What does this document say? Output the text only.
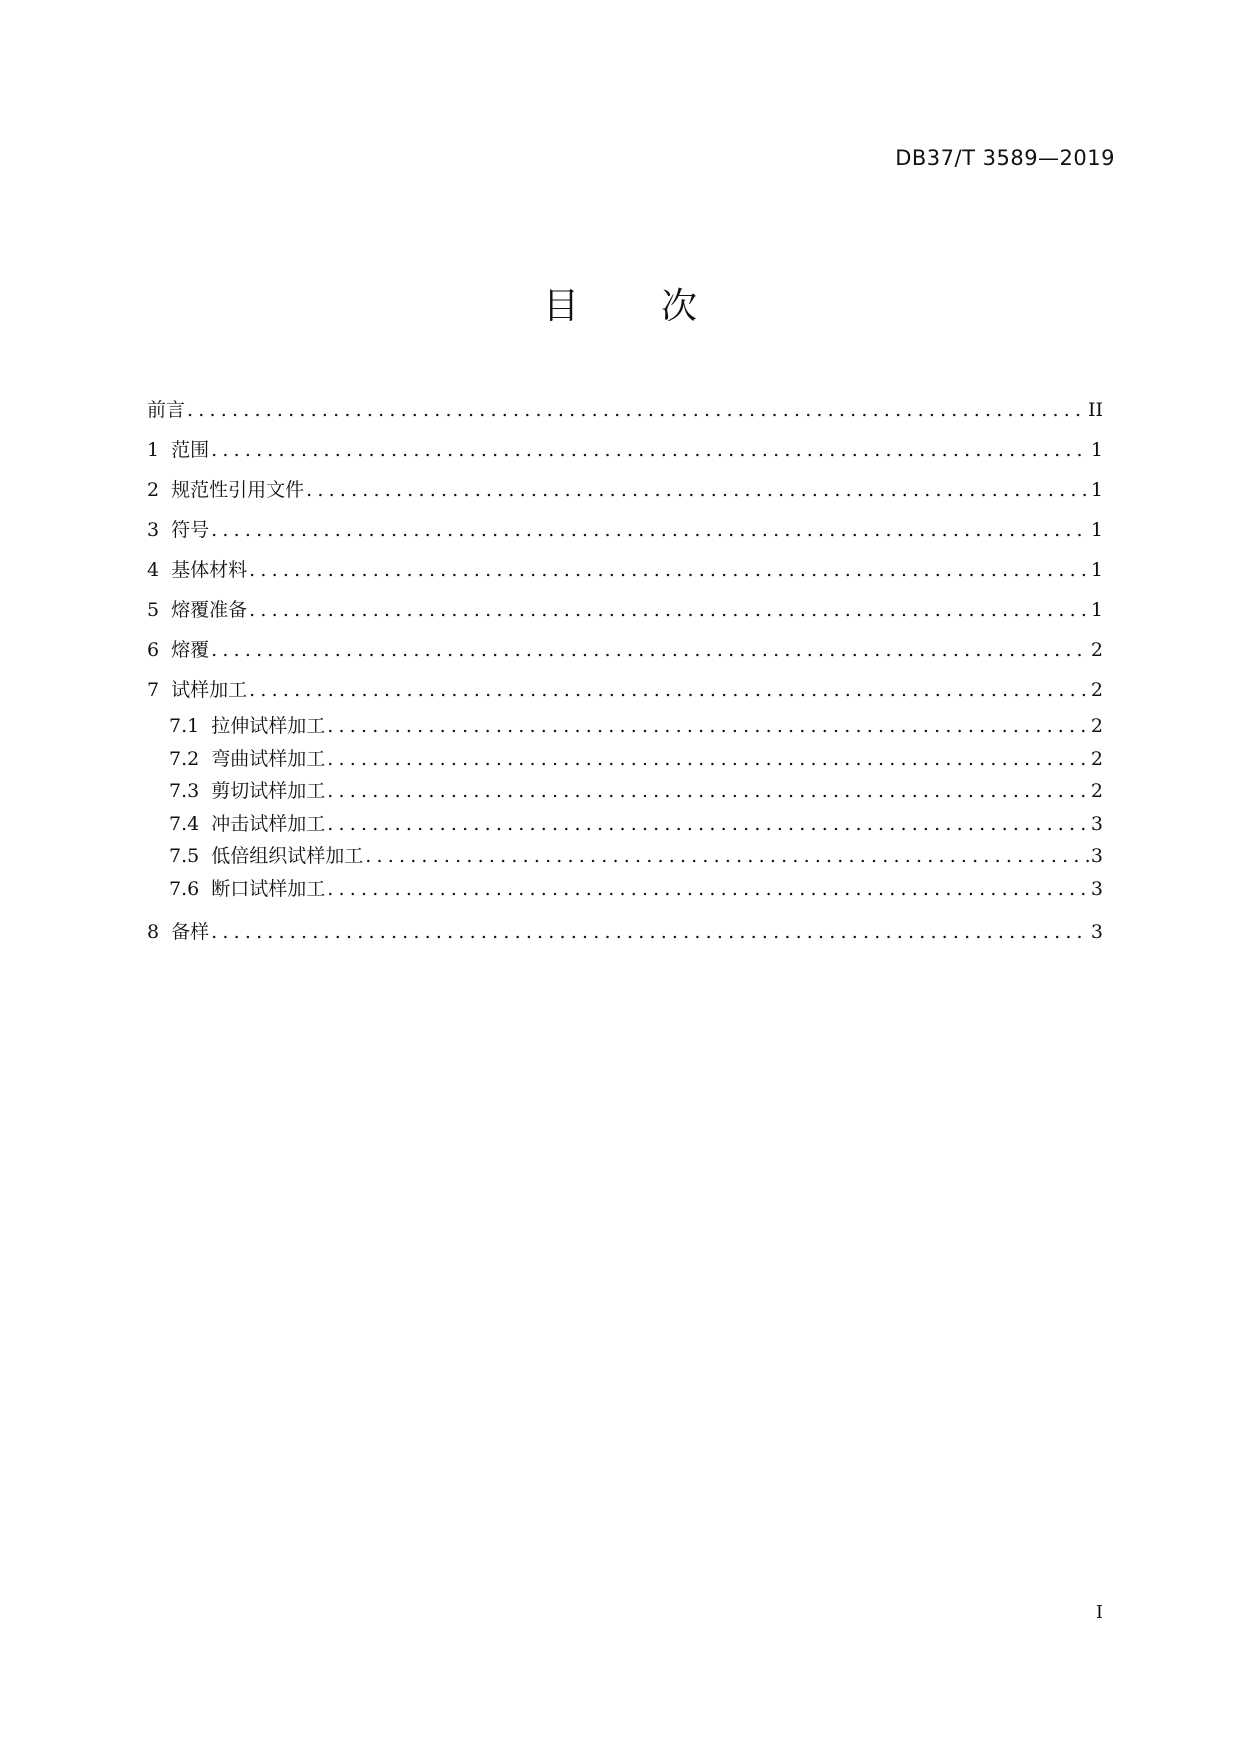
DB37/T 3589—2019
目 次
前言 .....	II
1 范围 .....	1
2 规范性引用文件 .....	1
3 符号 .....	1
4 基体材料 .....	1
5 熔覆准备 .....	1
6 熔覆 .....	2
7 试样加工 .....	2
7.1 拉伸试样加工 .....	2
7.2 弯曲试样加工 .....	2
7.3 剪切试样加工 .....	2
7.4 冲击试样加工 .....	3
7.5 低倍组织试样加工 .....	3
7.6 断口试样加工 .....	3
8 备样 .....	3
I
